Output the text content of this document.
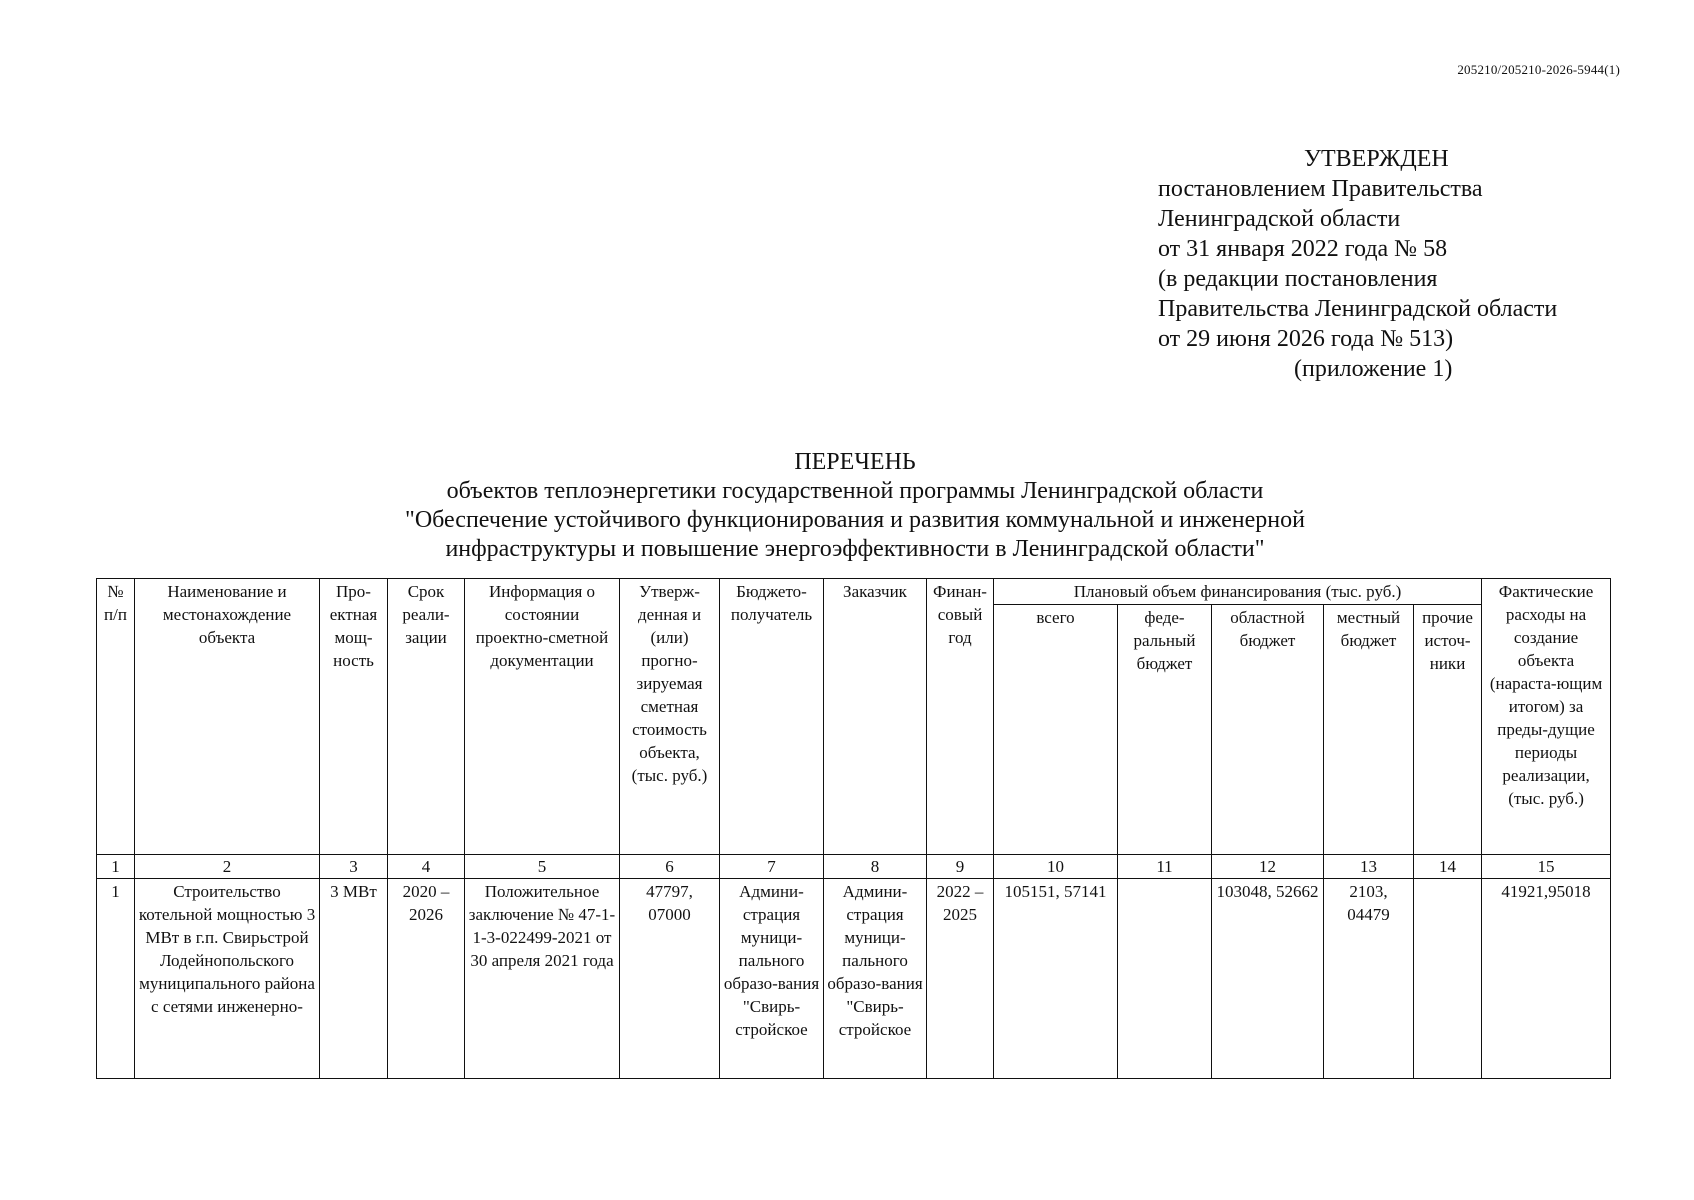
205210/205210-2026-5944(1)
УТВЕРЖДЕН
постановлением Правительства
Ленинградской области
от 31 января 2022 года № 58
(в редакции постановления
Правительства Ленинградской области
от 29 июня 2026 года № 513)
(приложение 1)
ПЕРЕЧЕНЬ
объектов теплоэнергетики государственной программы Ленинградской области
"Обеспечение устойчивого функционирования и развития коммунальной и инженерной
инфраструктуры и повышение энергоэффективности в Ленинградской области"
№ п/п	Наименование и местонахождение объекта	Про-ектная мощ-ность	Срок реали-зации	Информация о состоянии проектно-сметной документации	Утверж-денная и (или) прогно-зируемая сметная стоимость объекта, (тыс. руб.)	Бюджето-получатель	Заказчик	Финан-совый год	Плановый объем финансирования (тыс. руб.)					Фактические расходы на создание объекта (нараста-ющим итогом) за преды-дущие периоды реализации, (тыс. руб.)
									всего	феде-ральный бюджет	областной бюджет	местный бюджет	прочие источ-ники	
1	2	3	4	5	6	7	8	9	10	11	12	13	14	15
1	Строительство котельной мощностью 3 МВт в г.п. Свирьстрой Лодейнопольского муниципального района с сетями инженерно-	3 МВт	2020 – 2026	Положительное заключение № 47-1-1-3-022499-2021 от 30 апреля 2021 года	47797, 07000	Админи-страция муници-пального образо-вания "Свирь-стройское	Админи-страция муници-пального образо-вания "Свирь-стройское	2022 – 2025	105151, 57141		103048, 52662	2103, 04479		41921,95018
